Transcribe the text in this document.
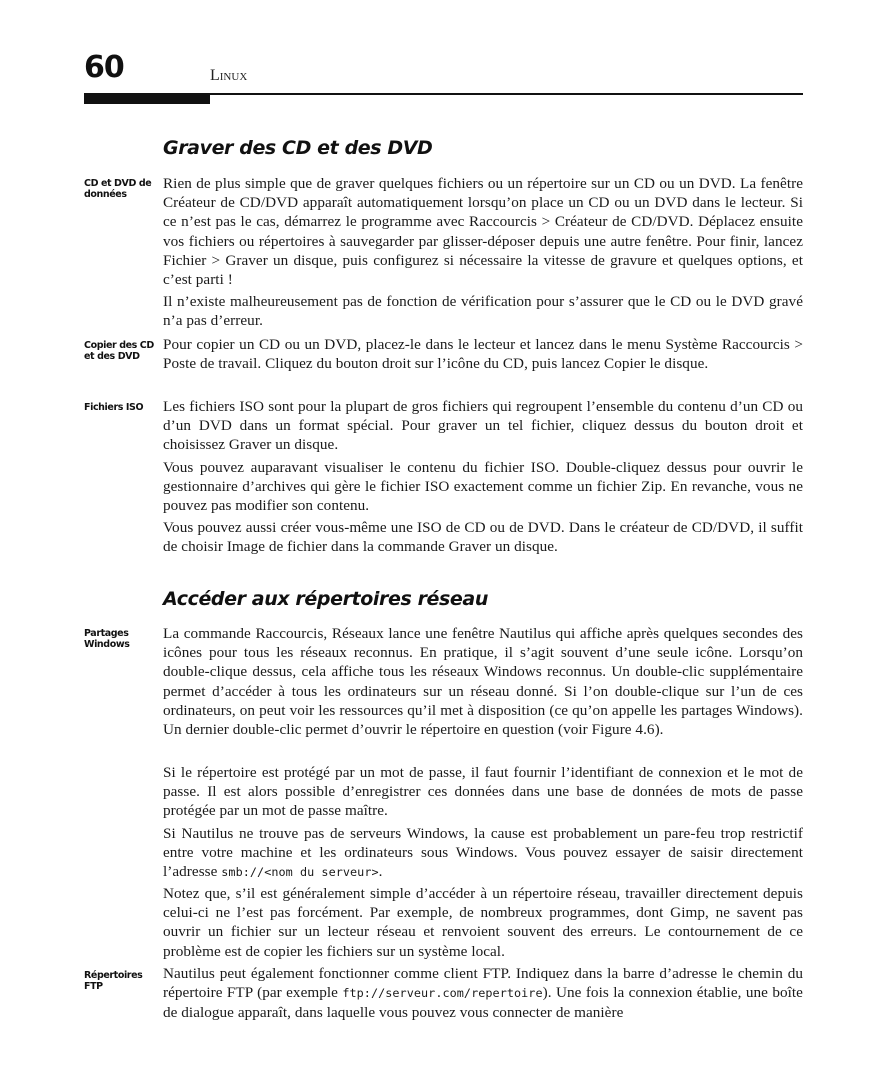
60	Linux
Graver des CD et des DVD
CD et DVD de données

Rien de plus simple que de graver quelques fichiers ou un répertoire sur un CD ou un DVD. La fenêtre Créateur de CD/DVD apparaît automatiquement lorsqu’on place un CD ou un DVD dans le lecteur. Si ce n’est pas le cas, démarrez le programme avec Raccourcis > Créateur de CD/DVD. Déplacez ensuite vos fichiers ou répertoires à sauvegarder par glisser-déposer depuis une autre fenêtre. Pour finir, lancez Fichier > Graver un disque, puis configurez si nécessaire la vitesse de gravure et quelques options, et c’est parti !

Il n’existe malheureusement pas de fonction de vérification pour s’assurer que le CD ou le DVD gravé n’a pas d’erreur.

Copier des CD et des DVD

Pour copier un CD ou un DVD, placez-le dans le lecteur et lancez dans le menu Système Raccourcis > Poste de travail. Cliquez du bouton droit sur l’icône du CD, puis lancez Copier le disque.

Fichiers ISO	Les fichiers ISO sont pour la plupart de gros fichiers qui regroupent l’ensemble du contenu d’un CD ou d’un DVD dans un format spécial. Pour graver un tel fichier, cliquez dessus du bouton droit et choisissez Graver un disque.

Vous pouvez auparavant visualiser le contenu du fichier ISO. Double-cliquez dessus pour ouvrir le gestionnaire d’archives qui gère le fichier ISO exactement comme un fichier Zip. En revanche, vous ne pouvez pas modifier son contenu.

Vous pouvez aussi créer vous-même une ISO de CD ou de DVD. Dans le créateur de CD/DVD, il suffit de choisir Image de fichier dans la commande Graver un disque.

Accéder aux répertoires réseau
Partages Windows

La commande Raccourcis, Réseaux lance une fenêtre Nautilus qui affiche après quelques secondes des icônes pour tous les réseaux reconnus. En pratique, il s’agit souvent d’une seule icône. Lorsqu’on double-clique dessus, cela affiche tous les réseaux Windows reconnus. Un double-clic supplémentaire permet d’accéder à tous les ordinateurs sur un réseau donné. Si l’on double-clique sur l’un de ces ordinateurs, on peut voir les ressources qu’il met à disposition (ce qu’on appelle les partages Windows). Un dernier double-clic permet d’ouvrir le répertoire en question (voir Figure 4.6).

Si le répertoire est protégé par un mot de passe, il faut fournir l’identifiant de connexion et le mot de passe. Il est alors possible d’enregistrer ces données dans une base de données de mots de passe protégée par un mot de passe maître.

Si Nautilus ne trouve pas de serveurs Windows, la cause est probablement un pare-feu trop restrictif entre votre machine et les ordinateurs sous Windows. Vous pouvez essayer de saisir directement l’adresse smb://<nom du serveur>.

Notez que, s’il est généralement simple d’accéder à un répertoire réseau, travailler directement depuis celui-ci ne l’est pas forcément. Par exemple, de nombreux programmes, dont Gimp, ne savent pas ouvrir un fichier sur un lecteur réseau et renvoient souvent des erreurs. Le contournement de ce problème est de copier les fichiers sur un système local.

Répertoires FTP

Nautilus peut également fonctionner comme client FTP. Indiquez dans la barre d’adresse le chemin du répertoire FTP (par exemple ftp://serveur.com/repertoire). Une fois la connexion établie, une boîte de dialogue apparaît, dans laquelle vous pouvez vous connecter de manière
